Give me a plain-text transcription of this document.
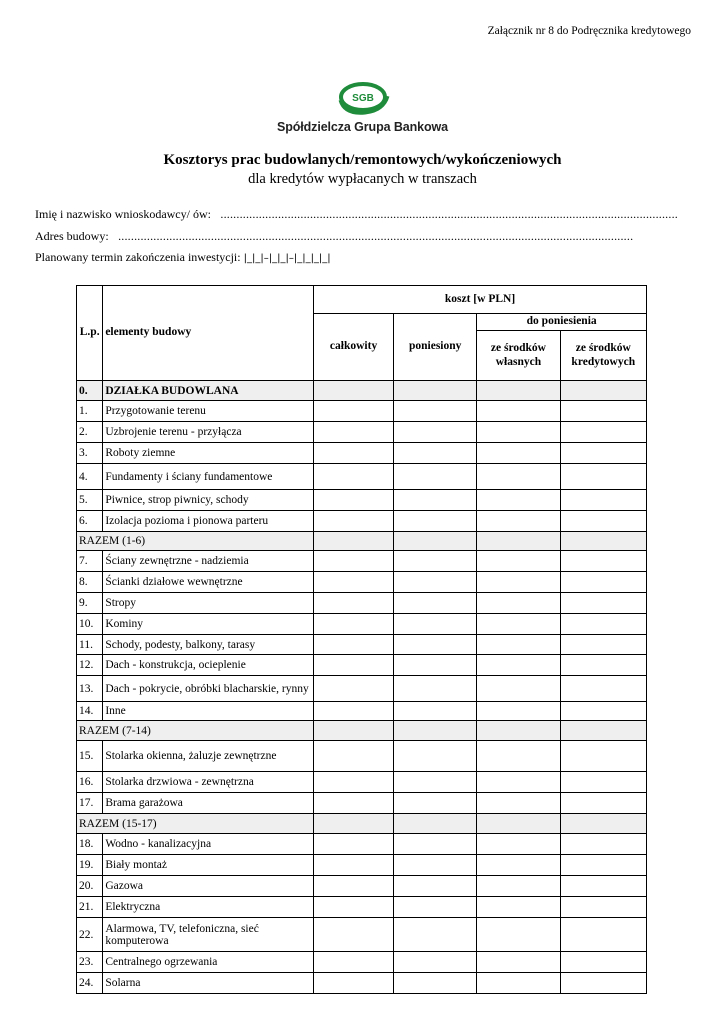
Załącznik nr 8 do Podręcznika kredytowego
SGB
Spółdzielcza Grupa Bankowa
Kosztorys prac budowlanych/remontowych/wykończeniowych
dla kredytów wypłacanych w transzach
Imię i nazwisko wnioskodawcy/ ów:   ...............................................................................................................................................
Adres budowy:   .................................................................................................................................................................
Planowany termin zakończenia inwestycji: |_|_|–|_|_|–|_|_|_|_|
L.p.	elementy budowy	koszt [w PLN]			
		całkowity	poniesiony	do poniesienia	
				ze środków własnych	ze środków kredytowych
0.	DZIAŁKA BUDOWLANA				
1.	Przygotowanie terenu				
2.	Uzbrojenie terenu - przyłącza				
3.	Roboty ziemne				
4.	Fundamenty i ściany fundamentowe				
5.	Piwnice, strop piwnicy, schody				
6.	Izolacja pozioma i pionowa parteru				
RAZEM (1-6)					
7.	Ściany zewnętrzne - nadziemia				
8.	Ścianki działowe wewnętrzne				
9.	Stropy				
10.	Kominy				
11.	Schody, podesty, balkony, tarasy				
12.	Dach - konstrukcja, ocieplenie				
13.	Dach - pokrycie, obróbki blacharskie, rynny				
14.	Inne				
RAZEM (7-14)					
15.	Stolarka okienna, żaluzje zewnętrzne				
16.	Stolarka drzwiowa - zewnętrzna				
17.	Brama garażowa				
RAZEM (15-17)					
18.	Wodno - kanalizacyjna				
19.	Biały montaż				
20.	Gazowa				
21.	Elektryczna				
22.	Alarmowa, TV, telefoniczna, sieć komputerowa				
23.	Centralnego ogrzewania				
24.	Solarna				
